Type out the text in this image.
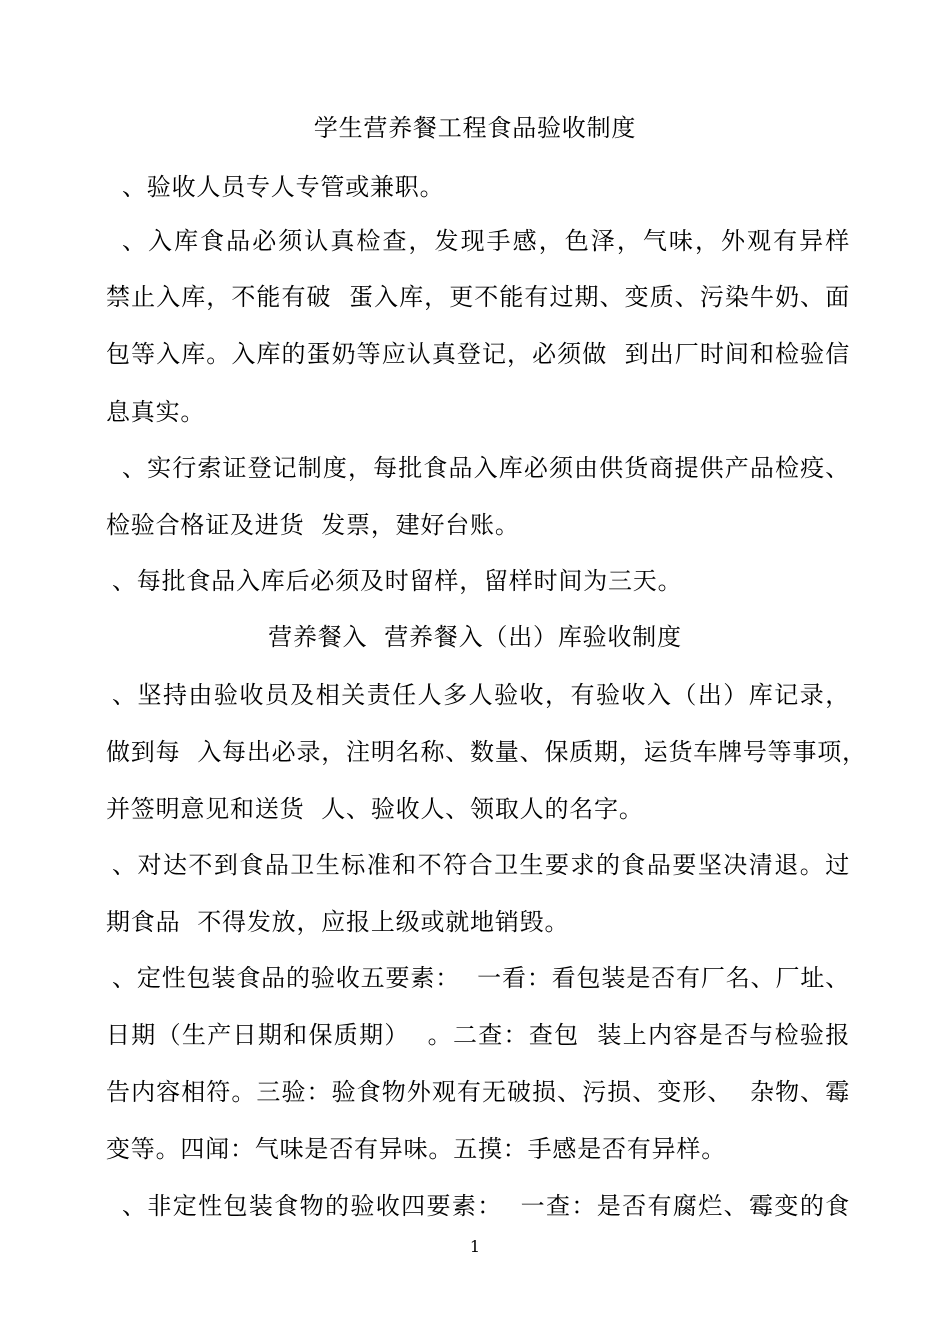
学生营养餐工程食品验收制度
、验收人员专人专管或兼职。
、入库食品必须认真检查，发现手感，色泽，气味，外观有异样
禁止入库，不能有破  蛋入库，更不能有过期、变质、污染牛奶、面
包等入库。入库的蛋奶等应认真登记，必须做  到出厂时间和检验信
息真实。
、实行索证登记制度，每批食品入库必须由供货商提供产品检疫、
检验合格证及进货  发票，建好台账。
、每批食品入库后必须及时留样，留样时间为三天。
营养餐入  营养餐入（出）库验收制度
、坚持由验收员及相关责任人多人验收，有验收入（出）库记录，
做到每  入每出必录，注明名称、数量、保质期，运货车牌号等事项，
并签明意见和送货  人、验收人、领取人的名字。
、对达不到食品卫生标准和不符合卫生要求的食品要坚决清退。过
期食品  不得发放，应报上级或就地销毁。
、定性包装食品的验收五要素：  一看：看包装是否有厂名、厂址、
日期（生产日期和保质期）  。二查：查包  装上内容是否与检验报
告内容相符。三验：验食物外观有无破损、污损、变形、  杂物、霉
变等。四闻：气味是否有异味。五摸：手感是否有异样。
、非定性包装食物的验收四要素：  一查：是否有腐烂、霉变的食
1
